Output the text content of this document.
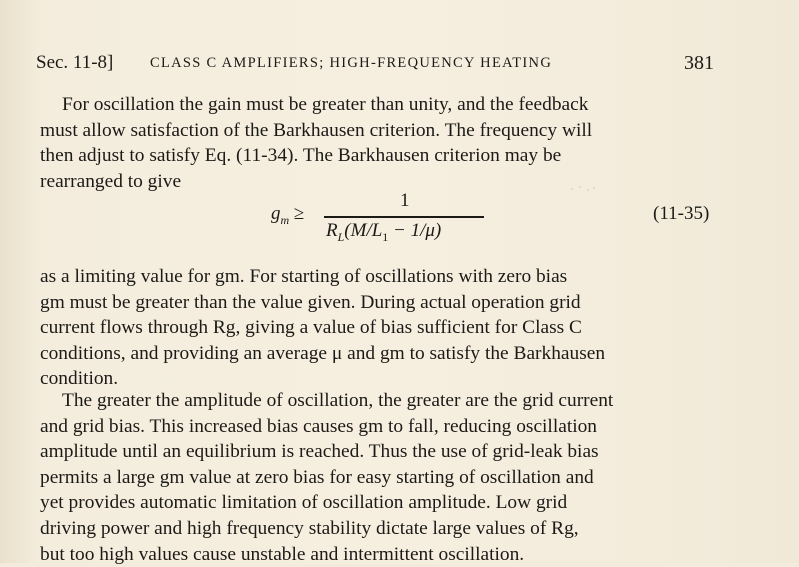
Sec. 11-8]	CLASS C AMPLIFIERS; HIGH-FREQUENCY HEATING	381
For oscillation the gain must be greater than unity, and the feedback
must allow satisfaction of the Barkhausen criterion. The frequency will
then adjust to satisfy Eq. (11-34). The Barkhausen criterion may be
rearranged to give
$g_m$ ≥
1
$R_L(M/L_1 - 1/\mu)$
(11-35)
as a limiting value for gm. For starting of oscillations with zero bias
gm must be greater than the value given. During actual operation grid
current flows through Rg, giving a value of bias sufficient for Class C
conditions, and providing an average μ and gm to satisfy the Barkhausen
condition.
The greater the amplitude of oscillation, the greater are the grid current
and grid bias. This increased bias causes gm to fall, reducing oscillation
amplitude until an equilibrium is reached. Thus the use of grid-leak bias
permits a large gm value at zero bias for easy starting of oscillation and
yet provides automatic limitation of oscillation amplitude. Low grid
driving power and high frequency stability dictate large values of Rg,
but too high values cause unstable and intermittent oscillation.
